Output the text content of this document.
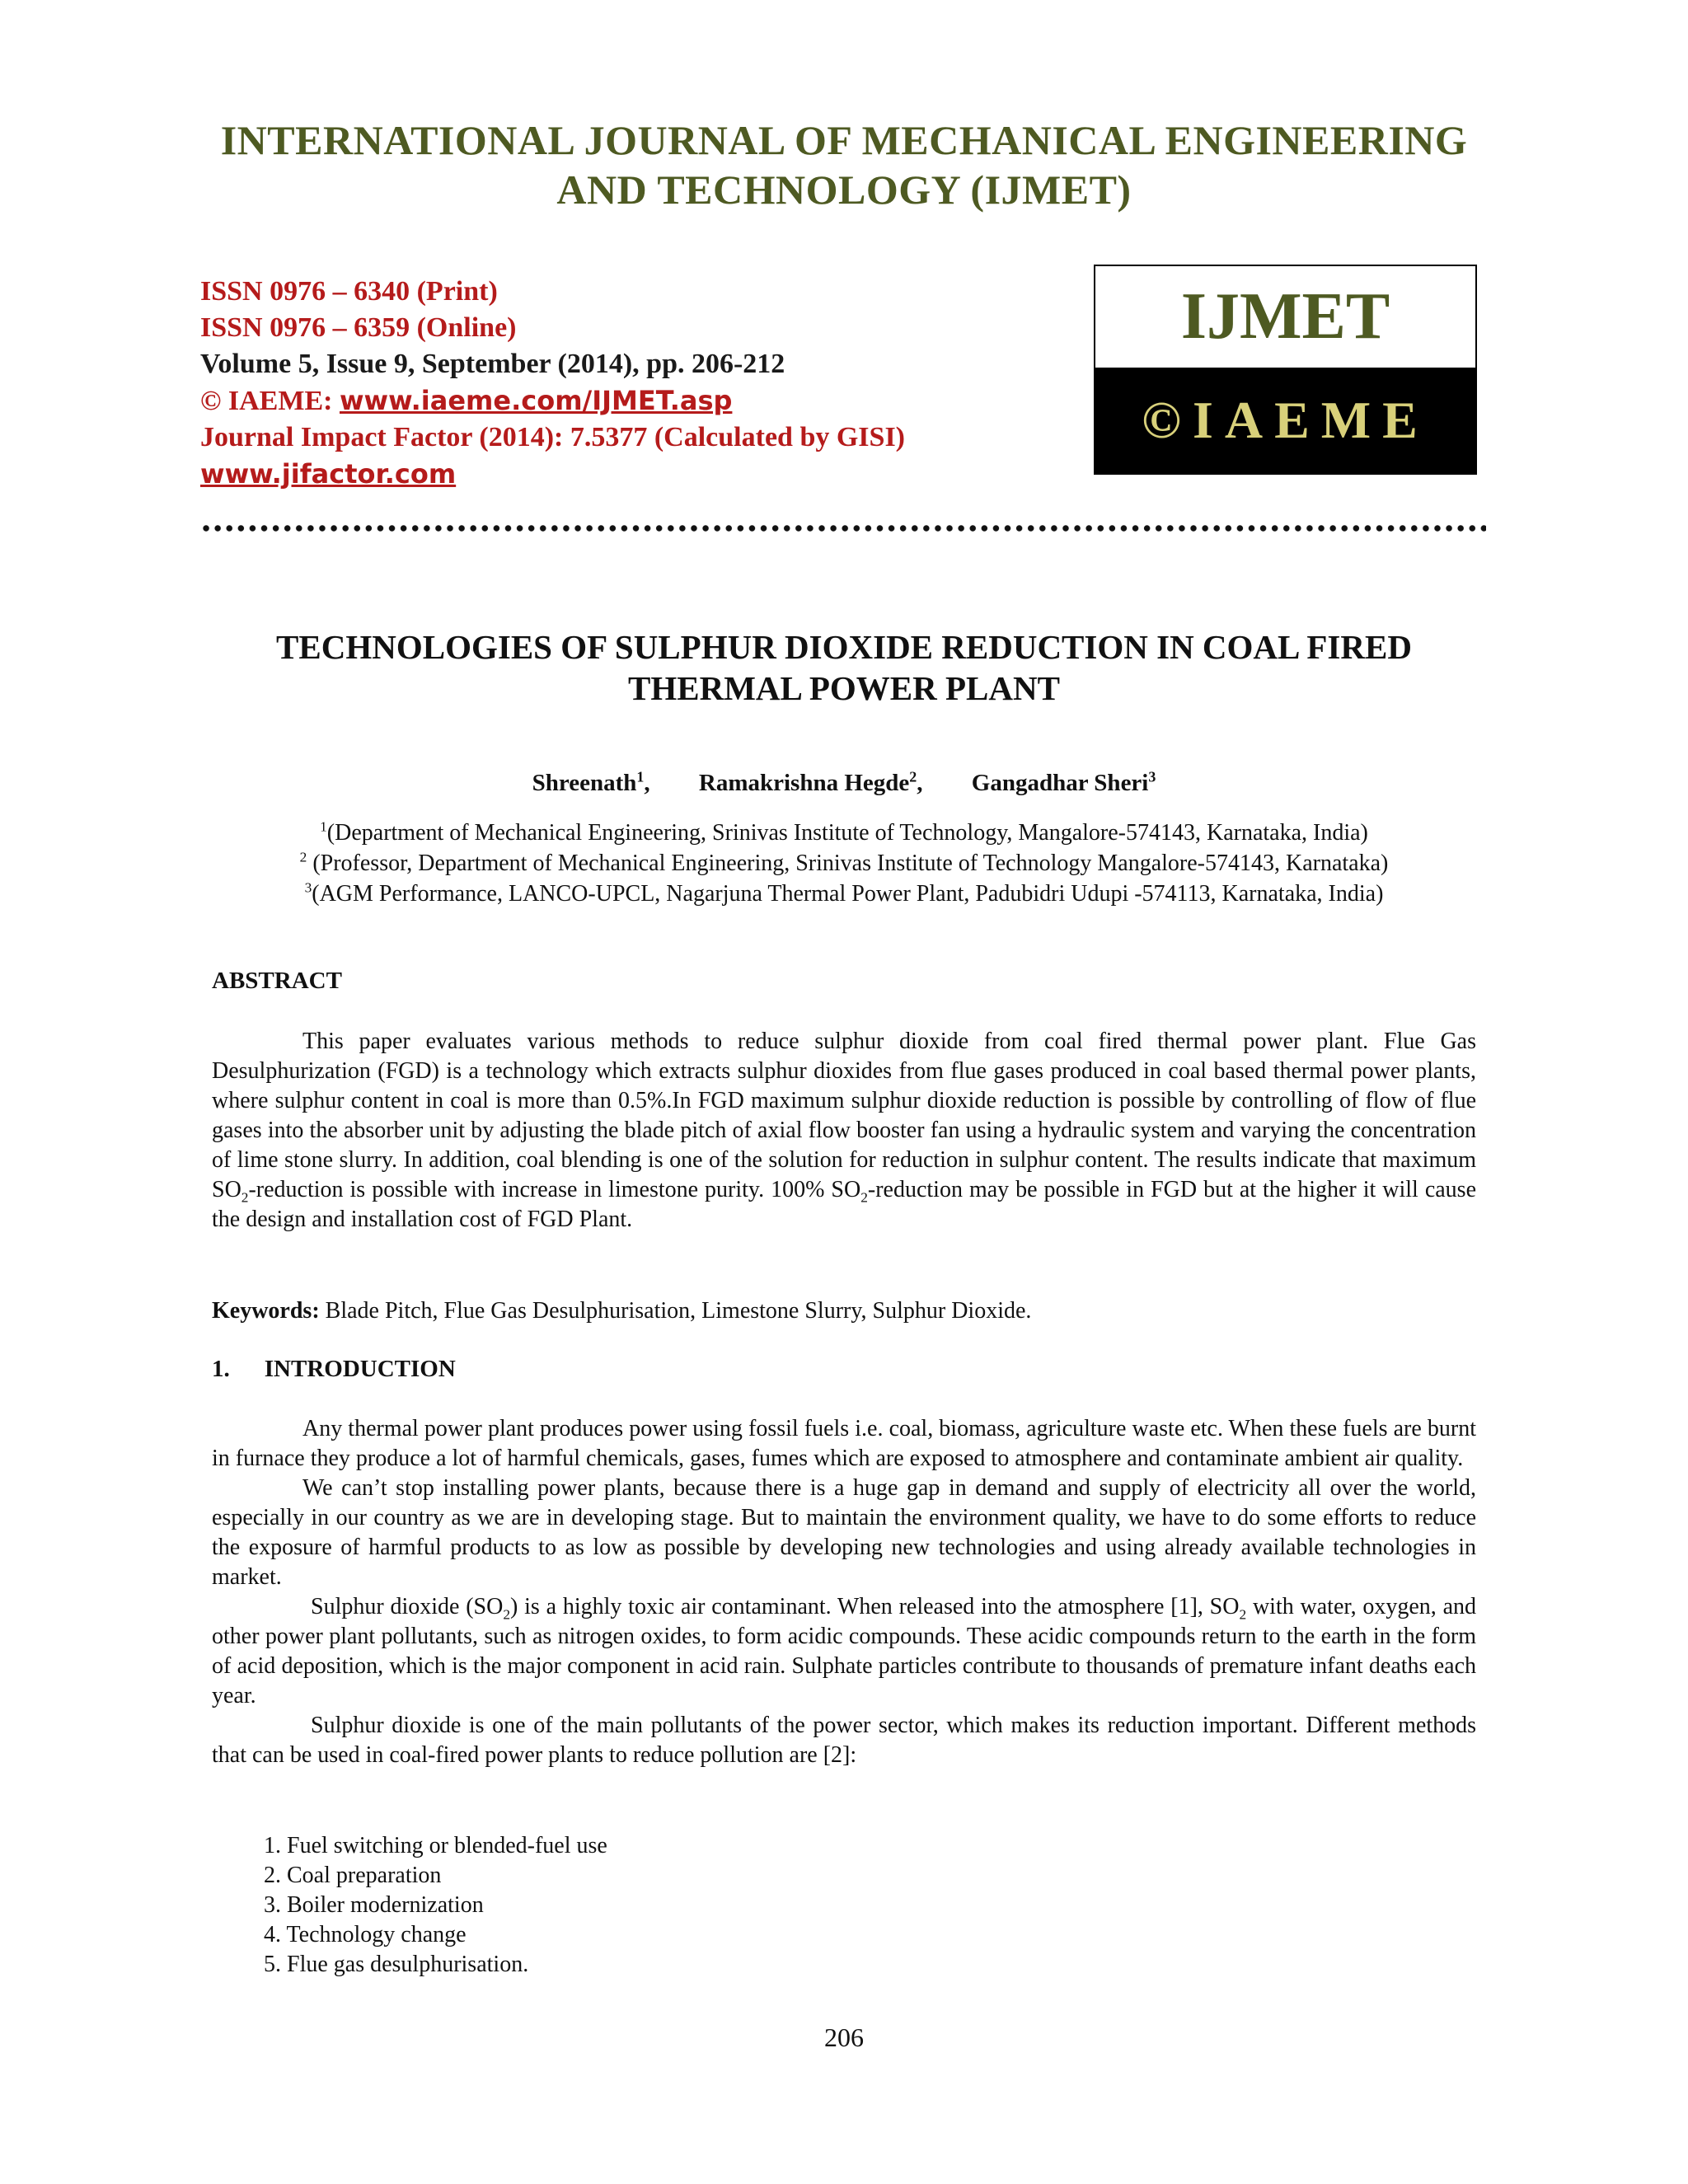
INTERNATIONAL JOURNAL OF MECHANICAL ENGINEERING
AND TECHNOLOGY (IJMET)
ISSN 0976 – 6340 (Print)
ISSN 0976 – 6359 (Online)
Volume 5, Issue 9, September (2014), pp. 206-212
© IAEME: www.iaeme.com/IJMET.asp
Journal Impact Factor (2014): 7.5377 (Calculated by GISI)
www.jifactor.com
IJMET
©IAEME
TECHNOLOGIES OF SULPHUR DIOXIDE REDUCTION IN COAL FIRED
THERMAL POWER PLANT
Shreenath$^1$, Ramakrishna Hegde$^2$, Gangadhar Sheri$^3$
$^1$(Department of Mechanical Engineering, Srinivas Institute of Technology, Mangalore-574143, Karnataka, India)
$^2$ (Professor, Department of Mechanical Engineering, Srinivas Institute of Technology Mangalore-574143, Karnataka)
$^3$(AGM Performance, LANCO-UPCL, Nagarjuna Thermal Power Plant, Padubidri Udupi -574113, Karnataka, India)
ABSTRACT

This paper evaluates various methods to reduce sulphur dioxide from coal fired thermal power plant. Flue Gas Desulphurization (FGD) is a technology which extracts sulphur dioxides from flue gases produced in coal based thermal power plants, where sulphur content in coal is more than 0.5%.In FGD maximum sulphur dioxide reduction is possible by controlling of flow of flue gases into the absorber unit by adjusting the blade pitch of axial flow booster fan using a hydraulic system and varying the concentration of lime stone slurry. In addition, coal blending is one of the solution for reduction in sulphur content. The results indicate that maximum $SO_2$-reduction is possible with increase in limestone purity. 100% $SO_2$-reduction may be possible in FGD but at the higher it will cause the design and installation cost of FGD Plant.

Keywords: Blade Pitch, Flue Gas Desulphurisation, Limestone Slurry, Sulphur Dioxide.
1. INTRODUCTION

Any thermal power plant produces power using fossil fuels i.e. coal, biomass, agriculture waste etc. When these fuels are burnt in furnace they produce a lot of harmful chemicals, gases, fumes which are exposed to atmosphere and contaminate ambient air quality.

We can’t stop installing power plants, because there is a huge gap in demand and supply of electricity all over the world, especially in our country as we are in developing stage. But to maintain the environment quality, we have to do some efforts to reduce the exposure of harmful products to as low as possible by developing new technologies and using already available technologies in market.

Sulphur dioxide $(SO_2)$ is a highly toxic air contaminant. When released into the atmosphere [1], $SO_2$ with water, oxygen, and other power plant pollutants, such as nitrogen oxides, to form acidic compounds. These acidic compounds return to the earth in the form of acid deposition, which is the major component in acid rain. Sulphate particles contribute to thousands of premature infant deaths each year.

Sulphur dioxide is one of the main pollutants of the power sector, which makes its reduction important. Different methods that can be used in coal-fired power plants to reduce pollution are [2]:

1. Fuel switching or blended-fuel use
2. Coal preparation
3. Boiler modernization
4. Technology change
5. Flue gas desulphurisation.
206
